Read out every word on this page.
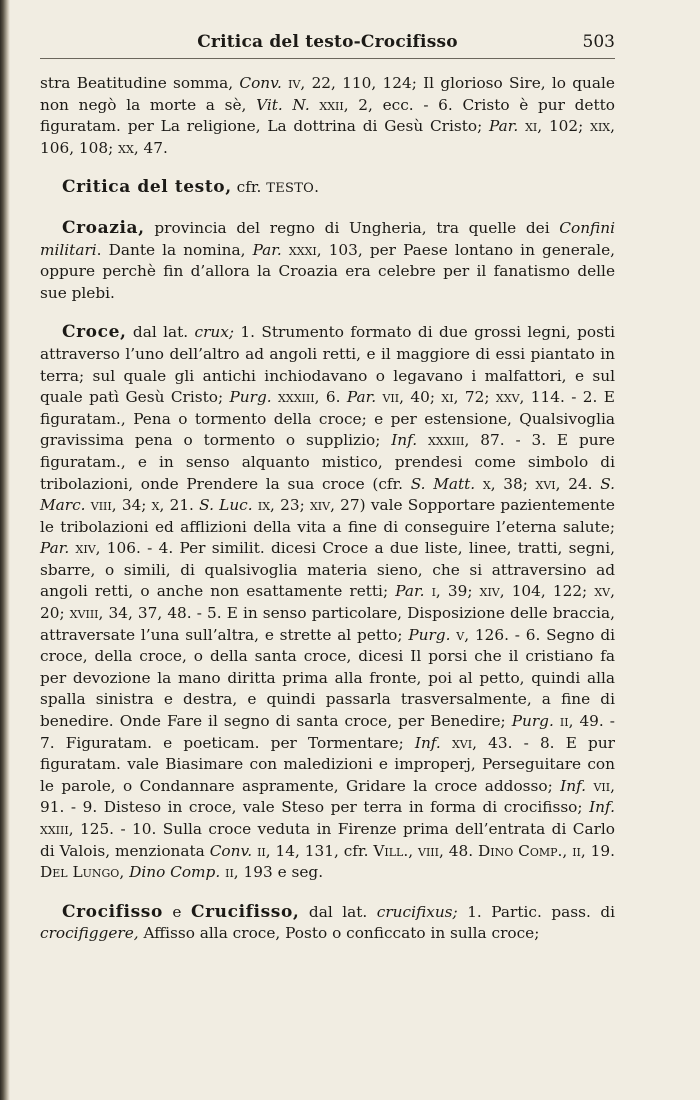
Critica del testo-Crocifisso	503

stra Beatitudine somma, Conv. iv, 22, 110, 124; Il glorioso Sire, lo quale non negò la morte a sè, Vit. N. xxii, 2, ecc. - 6. Cristo è pur detto figuratam. per La religione, La dottrina di Gesù Cristo; Par. xi, 102; xix, 106, 108; xx, 47.

Critica del testo, cfr. TESTO.

Croazia, provincia del regno di Ungheria, tra quelle dei Confini militari. Dante la nomina, Par. xxxi, 103, per Paese lontano in generale, oppure perchè fin d’allora la Croazia era celebre per il fanatismo delle sue plebi.

Croce, dal lat. crux; 1. Strumento formato di due grossi legni, posti attraverso l’uno dell’altro ad angoli retti, e il maggiore di essi piantato in terra; sul quale gli antichi inchiodavano o legavano i malfattori, e sul quale patì Gesù Cristo; Purg. xxxiii, 6. Par. vii, 40; xi, 72; xxv, 114. - 2. E figuratam., Pena o tormento della croce; e per estensione, Qualsivoglia gravissima pena o tormento o supplizio; Inf. xxxiii, 87. - 3. E pure figuratam., e in senso alquanto mistico, prendesi come simbolo di tribolazioni, onde Prendere la sua croce (cfr. S. Matt. x, 38; xvi, 24. S. Marc. viii, 34; x, 21. S. Luc. ix, 23; xiv, 27) vale Sopportare pazientemente le tribolazioni ed afflizioni della vita a fine di conseguire l’eterna salute; Par. xiv, 106. - 4. Per similit. dicesi Croce a due liste, linee, tratti, segni, sbarre, o simili, di qualsivoglia materia sieno, che si attraversino ad angoli retti, o anche non esattamente retti; Par. i, 39; xiv, 104, 122; xv, 20; xviii, 34, 37, 48. - 5. E in senso particolare, Disposizione delle braccia, attraversate l’una sull’altra, e strette al petto; Purg. v, 126. - 6. Segno di croce, della croce, o della santa croce, dicesi Il porsi che il cristiano fa per devozione la mano diritta prima alla fronte, poi al petto, quindi alla spalla sinistra e destra, e quindi passarla trasversalmente, a fine di benedire. Onde Fare il segno di santa croce, per Benedire; Purg. ii, 49. - 7. Figuratam. e poeticam. per Tormentare; Inf. xvi, 43. - 8. E pur figuratam. vale Biasimare con maledizioni e improperj, Perseguitare con le parole, o Condannare aspramente, Gridare la croce addosso; Inf. vii, 91. - 9. Disteso in croce, vale Steso per terra in forma di crocifisso; Inf. xxiii, 125. - 10. Sulla croce veduta in Firenze prima dell’entrata di Carlo di Valois, menzionata Conv. ii, 14, 131, cfr. Vill., viii, 48. Dino Comp., ii, 19. Del Lungo, Dino Comp. ii, 193 e seg.

Crocifisso e Crucifisso, dal lat. crucifixus; 1. Partic. pass. di crocifiggere, Affisso alla croce, Posto o conficcato in sulla croce;
